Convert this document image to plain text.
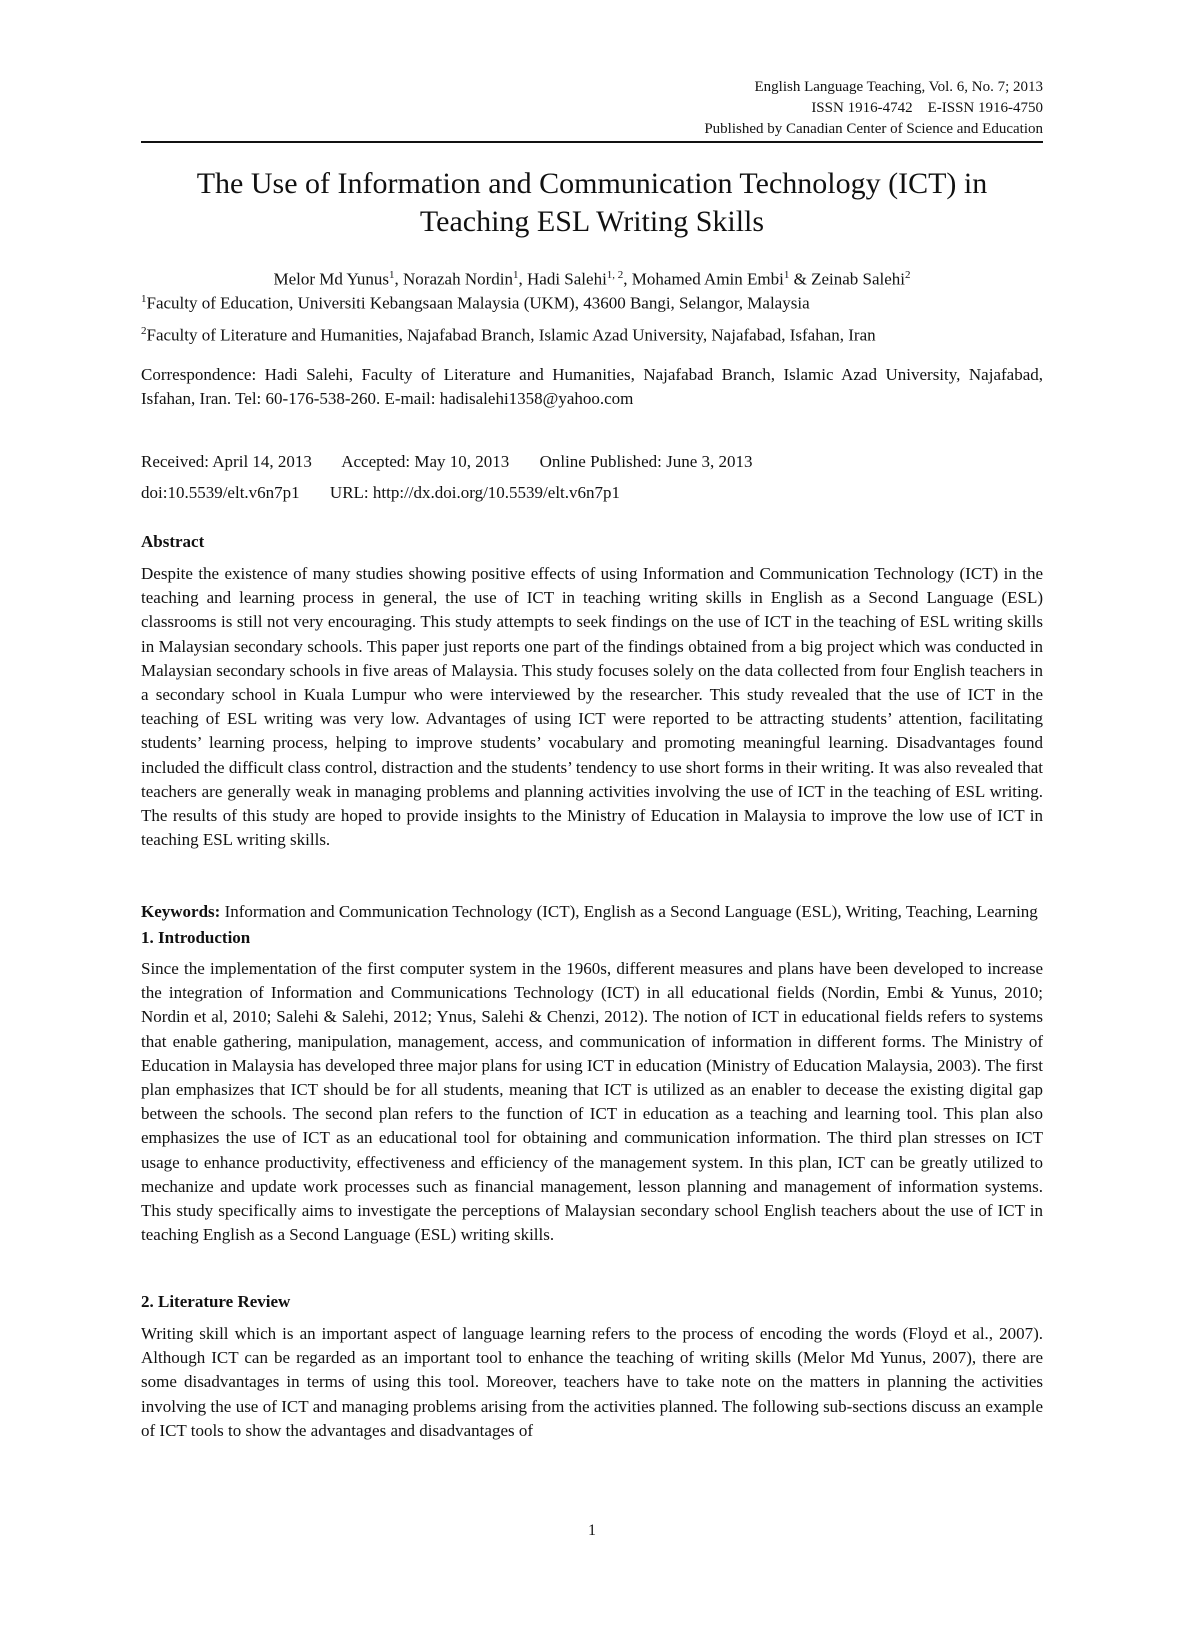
English Language Teaching, Vol. 6, No. 7; 2013
ISSN 1916-4742    E-ISSN 1916-4750
Published by Canadian Center of Science and Education
The Use of Information and Communication Technology (ICT) in
Teaching ESL Writing Skills
Melor Md Yunus$^1$, Norazah Nordin$^1$, Hadi Salehi$^{1, 2}$, Mohamed Amin Embi$^1$ & Zeinab Salehi$^2$
$^1$Faculty of Education, Universiti Kebangsaan Malaysia (UKM), 43600 Bangi, Selangor, Malaysia
$^2$Faculty of Literature and Humanities, Najafabad Branch, Islamic Azad University, Najafabad, Isfahan, Iran
Correspondence: Hadi Salehi, Faculty of Literature and Humanities, Najafabad Branch, Islamic Azad University, Najafabad, Isfahan, Iran. Tel: 60-176-538-260. E-mail: hadisalehi1358@yahoo.com
Received: April 14, 2013 Accepted: May 10, 2013 Online Published: June 3, 2013
doi:10.5539/elt.v6n7p1 URL: http://dx.doi.org/10.5539/elt.v6n7p1
Abstract
Despite the existence of many studies showing positive effects of using Information and Communication Technology (ICT) in the teaching and learning process in general, the use of ICT in teaching writing skills in English as a Second Language (ESL) classrooms is still not very encouraging. This study attempts to seek findings on the use of ICT in the teaching of ESL writing skills in Malaysian secondary schools. This paper just reports one part of the findings obtained from a big project which was conducted in Malaysian secondary schools in five areas of Malaysia. This study focuses solely on the data collected from four English teachers in a secondary school in Kuala Lumpur who were interviewed by the researcher. This study revealed that the use of ICT in the teaching of ESL writing was very low. Advantages of using ICT were reported to be attracting students’ attention, facilitating students’ learning process, helping to improve students’ vocabulary and promoting meaningful learning. Disadvantages found included the difficult class control, distraction and the students’ tendency to use short forms in their writing. It was also revealed that teachers are generally weak in managing problems and planning activities involving the use of ICT in the teaching of ESL writing. The results of this study are hoped to provide insights to the Ministry of Education in Malaysia to improve the low use of ICT in teaching ESL writing skills.
Keywords: Information and Communication Technology (ICT), English as a Second Language (ESL), Writing, Teaching, Learning
1. Introduction
Since the implementation of the first computer system in the 1960s, different measures and plans have been developed to increase the integration of Information and Communications Technology (ICT) in all educational fields (Nordin, Embi & Yunus, 2010; Nordin et al, 2010; Salehi & Salehi, 2012; Ynus, Salehi & Chenzi, 2012). The notion of ICT in educational fields refers to systems that enable gathering, manipulation, management, access, and communication of information in different forms. The Ministry of Education in Malaysia has developed three major plans for using ICT in education (Ministry of Education Malaysia, 2003). The first plan emphasizes that ICT should be for all students, meaning that ICT is utilized as an enabler to decease the existing digital gap between the schools. The second plan refers to the function of ICT in education as a teaching and learning tool. This plan also emphasizes the use of ICT as an educational tool for obtaining and communication information. The third plan stresses on ICT usage to enhance productivity, effectiveness and efficiency of the management system. In this plan, ICT can be greatly utilized to mechanize and update work processes such as financial management, lesson planning and management of information systems. This study specifically aims to investigate the perceptions of Malaysian secondary school English teachers about the use of ICT in teaching English as a Second Language (ESL) writing skills.
2. Literature Review
Writing skill which is an important aspect of language learning refers to the process of encoding the words (Floyd et al., 2007). Although ICT can be regarded as an important tool to enhance the teaching of writing skills (Melor Md Yunus, 2007), there are some disadvantages in terms of using this tool. Moreover, teachers have to take note on the matters in planning the activities involving the use of ICT and managing problems arising from the activities planned. The following sub-sections discuss an example of ICT tools to show the advantages and disadvantages of
1
